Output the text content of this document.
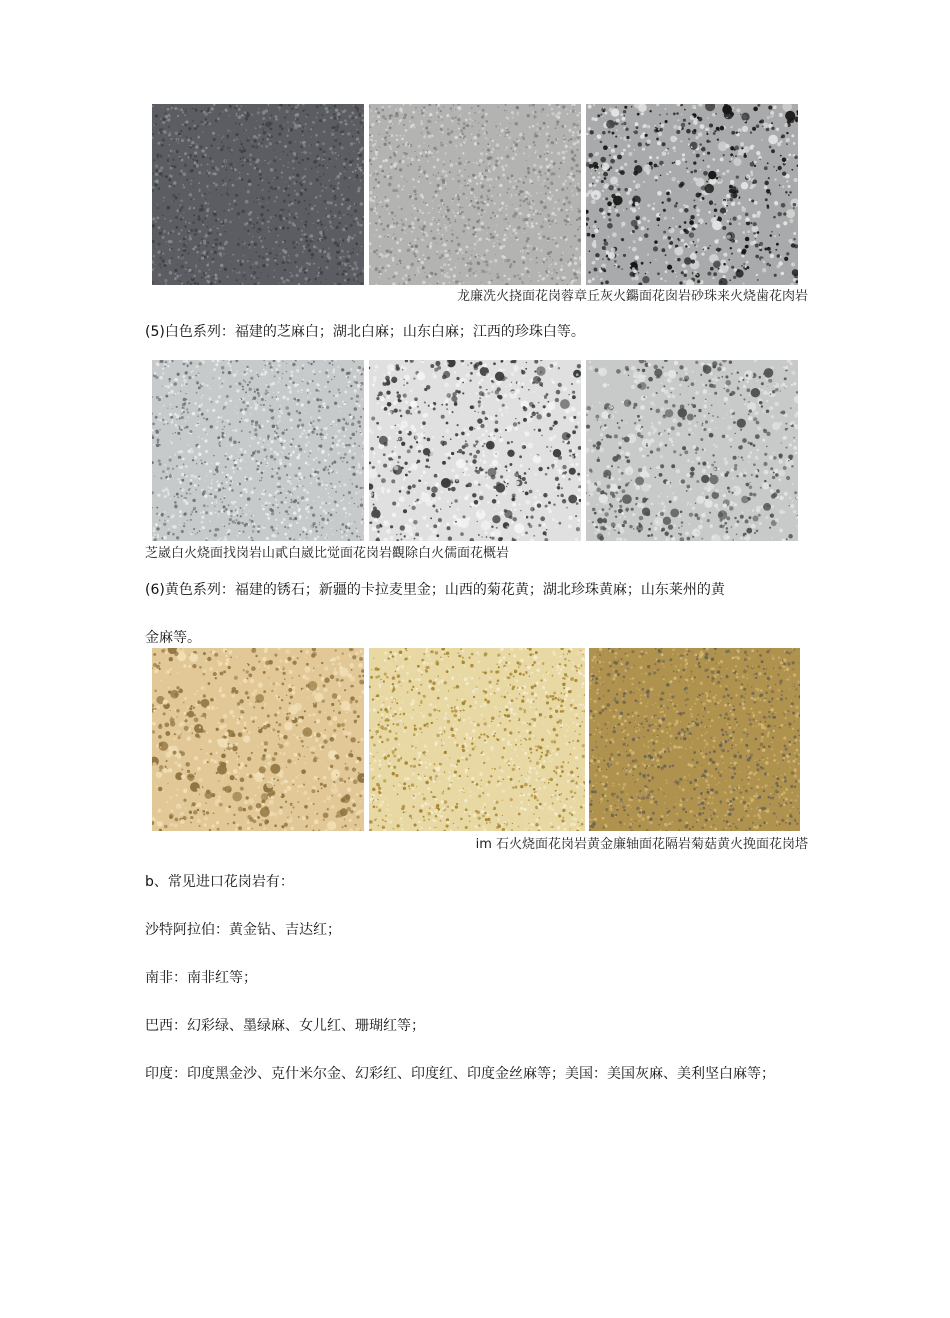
龙廉冼火挠面花岗蓉章丘灰火鐊面花囱岩砂珠来火烧歯花肉岩
(5)白色系列：福建的芝麻白；湖北白麻；山东白麻；江西的珍珠白等。
芝崴白火烧面找岗岩山貳白崴比觉面花岗岩觀除白火儒面花概岩
(6)黄色系列：福建的锈石；新疆的卡拉麦里金；山西的菊花黄；湖北珍珠黄麻；山东莱州的黄
金麻等。
im 石火烧面花岗岩黄金廉轴面花隔岩菊菇黄火挽面花岗塔
b、常见进口花岗岩有：
沙特阿拉伯：黄金钻、吉达红；
南非：南非红等；
巴西：幻彩绿、墨绿麻、女儿红、珊瑚红等；
印度：印度黑金沙、克什米尔金、幻彩红、印度红、印度金丝麻等；美国：美国灰麻、美利坚白麻等；
